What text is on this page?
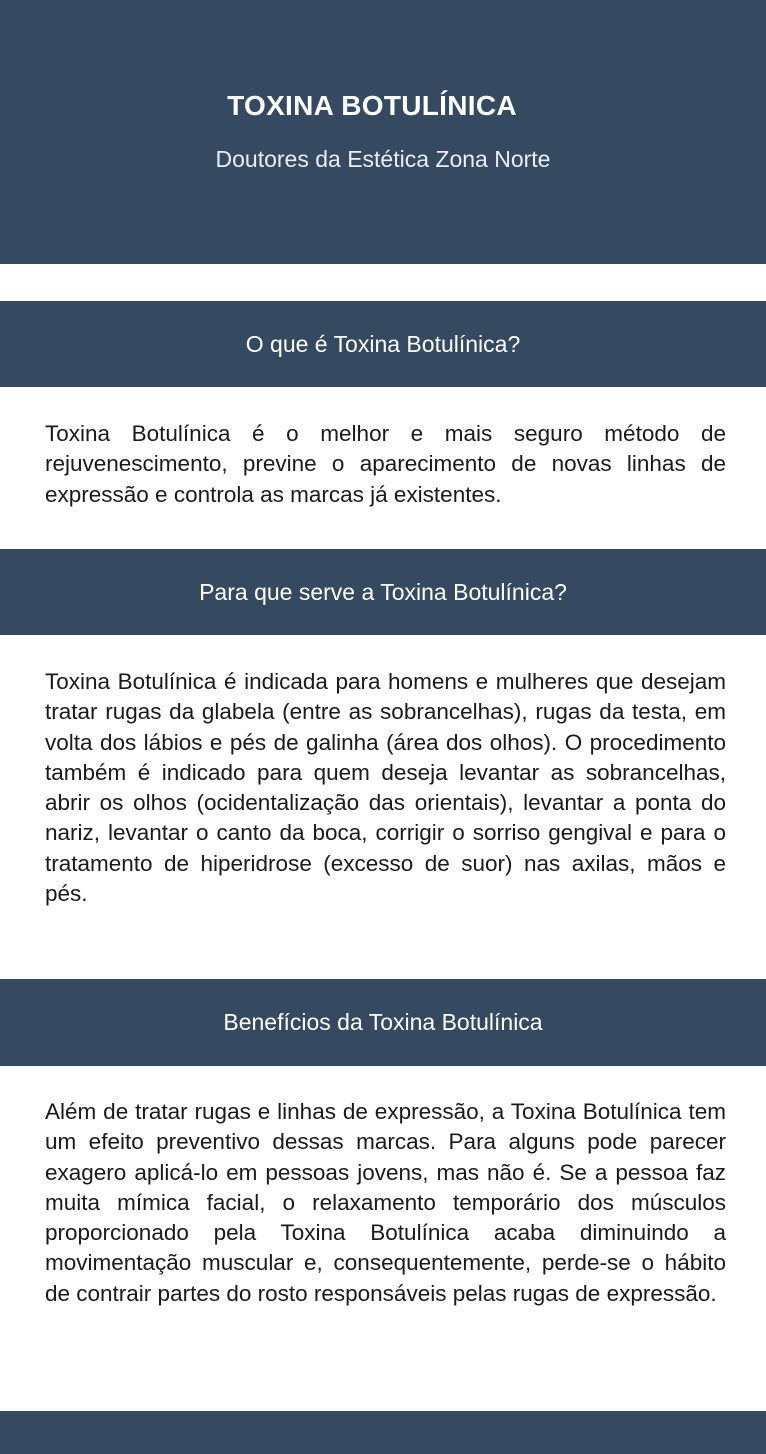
TOXINA BOTULÍNICA
Doutores da Estética Zona Norte
O que é Toxina Botulínica?

Toxina Botulínica é o melhor e mais seguro método de rejuvenescimento, previne o aparecimento de novas linhas de expressão e controla as marcas já existentes.

Para que serve a Toxina Botulínica?

Toxina Botulínica é indicada para homens e mulheres que desejam tratar rugas da glabela (entre as sobrancelhas), rugas da testa, em volta dos lábios e pés de galinha (área dos olhos). O procedimento também é indicado para quem deseja levantar as sobrancelhas, abrir os olhos (ocidentalização das orientais), levantar a ponta do nariz, levantar o canto da boca, corrigir o sorriso gengival e para o tratamento de hiperidrose (excesso de suor) nas axilas, mãos e pés.

Benefícios da Toxina Botulínica

Além de tratar rugas e linhas de expressão, a Toxina Botulínica tem um efeito preventivo dessas marcas. Para alguns pode parecer exagero aplicá-lo em pessoas jovens, mas não é. Se a pessoa faz muita mímica facial, o relaxamento temporário dos músculos proporcionado pela Toxina Botulínica acaba diminuindo a movimentação muscular e, consequentemente, perde-se o hábito de contrair partes do rosto responsáveis pelas rugas de expressão.
